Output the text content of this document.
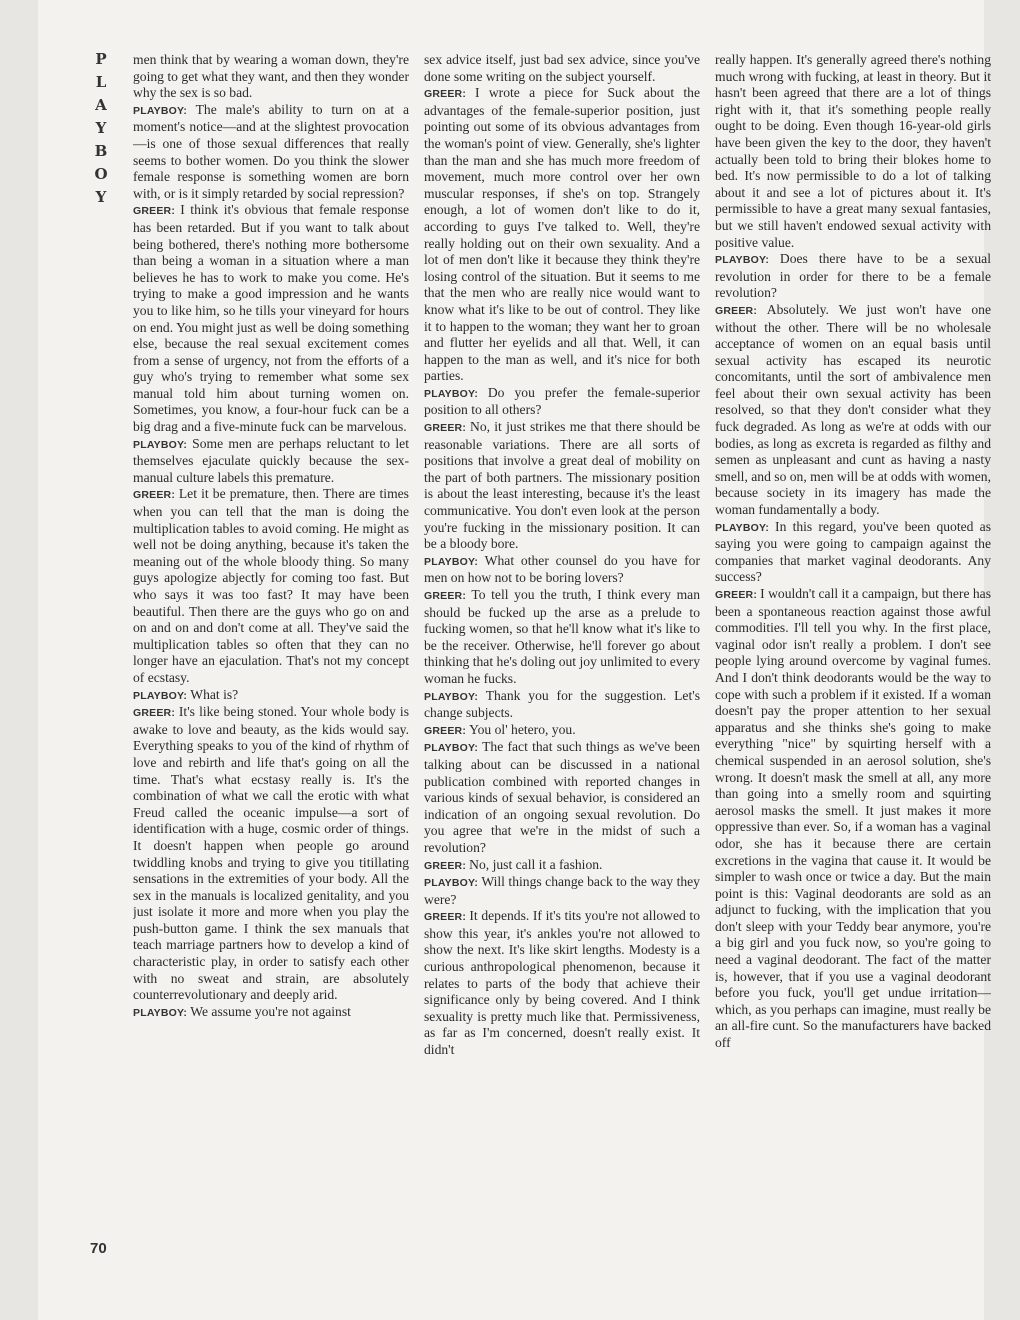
P
L
A
Y
B
O
Y

men think that by wearing a woman down, they're going to get what they want, and then they wonder why the sex is so bad.

PLAYBOY : The male's ability to turn on at a moment's notice—and at the slightest provocation—is one of those sexual differences that really seems to bother women. Do you think the slower female response is something women are born with, or is it simply retarded by social repression?

GREER : I think it's obvious that female response has been retarded. But if you want to talk about being bothered, there's nothing more bothersome than being a woman in a situation where a man believes he has to work to make you come. He's trying to make a good impression and he wants you to like him, so he tills your vineyard for hours on end. You might just as well be doing something else, because the real sexual excitement comes from a sense of urgency, not from the efforts of a guy who's trying to remember what some sex manual told him about turning women on. Sometimes, you know, a four-hour fuck can be a big drag and a five-minute fuck can be marvelous.

PLAYBOY : Some men are perhaps reluctant to let themselves ejaculate quickly because the sex-manual culture labels this premature.

GREER : Let it be premature, then. There are times when you can tell that the man is doing the multiplication tables to avoid coming. He might as well not be doing anything, because it's taken the meaning out of the whole bloody thing. So many guys apologize abjectly for coming too fast. But who says it was too fast? It may have been beautiful. Then there are the guys who go on and on and on and don't come at all. They've said the multiplication tables so often that they can no longer have an ejaculation. That's not my concept of ecstasy.

PLAYBOY : What is?

GREER : It's like being stoned. Your whole body is awake to love and beauty, as the kids would say. Everything speaks to you of the kind of rhythm of love and rebirth and life that's going on all the time. That's what ecstasy really is. It's the combination of what we call the erotic with what Freud called the oceanic impulse—a sort of identification with a huge, cosmic order of things. It doesn't happen when people go around twiddling knobs and trying to give you titillating sensations in the extremities of your body. All the sex in the manuals is localized genitality, and you just isolate it more and more when you play the push-button game. I think the sex manuals that teach marriage partners how to develop a kind of characteristic play, in order to satisfy each other with no sweat and strain, are absolutely counterrevolutionary and deeply arid.

PLAYBOY : We assume you're not against

sex advice itself, just bad sex advice, since you've done some writing on the subject yourself.

GREER : I wrote a piece for Suck about the advantages of the female-superior position, just pointing out some of its obvious advantages from the woman's point of view. Generally, she's lighter than the man and she has much more freedom of movement, much more control over her own muscular responses, if she's on top. Strangely enough, a lot of women don't like to do it, according to guys I've talked to. Well, they're really holding out on their own sexuality. And a lot of men don't like it because they think they're losing control of the situation. But it seems to me that the men who are really nice would want to know what it's like to be out of control. They like it to happen to the woman; they want her to groan and flutter her eyelids and all that. Well, it can happen to the man as well, and it's nice for both parties.

PLAYBOY : Do you prefer the female-superior position to all others?

GREER : No, it just strikes me that there should be reasonable variations. There are all sorts of positions that involve a great deal of mobility on the part of both partners. The missionary position is about the least interesting, because it's the least communicative. You don't even look at the person you're fucking in the missionary position. It can be a bloody bore.

PLAYBOY : What other counsel do you have for men on how not to be boring lovers?

GREER : To tell you the truth, I think every man should be fucked up the arse as a prelude to fucking women, so that he'll know what it's like to be the receiver. Otherwise, he'll forever go about thinking that he's doling out joy unlimited to every woman he fucks.

PLAYBOY : Thank you for the suggestion. Let's change subjects.

GREER : You ol' hetero, you.

PLAYBOY : The fact that such things as we've been talking about can be discussed in a national publication combined with reported changes in various kinds of sexual behavior, is considered an indication of an ongoing sexual revolution. Do you agree that we're in the midst of such a revolution?

GREER : No, just call it a fashion.

PLAYBOY : Will things change back to the way they were?

GREER : It depends. If it's tits you're not allowed to show this year, it's ankles you're not allowed to show the next. It's like skirt lengths. Modesty is a curious anthropological phenomenon, because it relates to parts of the body that achieve their significance only by being covered. And I think sexuality is pretty much like that. Permissiveness, as far as I'm concerned, doesn't really exist. It didn't

really happen. It's generally agreed there's nothing much wrong with fucking, at least in theory. But it hasn't been agreed that there are a lot of things right with it, that it's something people really ought to be doing. Even though 16-year-old girls have been given the key to the door, they haven't actually been told to bring their blokes home to bed. It's now permissible to do a lot of talking about it and see a lot of pictures about it. It's permissible to have a great many sexual fantasies, but we still haven't endowed sexual activity with positive value.

PLAYBOY : Does there have to be a sexual revolution in order for there to be a female revolution?

GREER : Absolutely. We just won't have one without the other. There will be no wholesale acceptance of women on an equal basis until sexual activity has escaped its neurotic concomitants, until the sort of ambivalence men feel about their own sexual activity has been resolved, so that they don't consider what they fuck degraded. As long as we're at odds with our bodies, as long as excreta is regarded as filthy and semen as unpleasant and cunt as having a nasty smell, and so on, men will be at odds with women, because society in its imagery has made the woman fundamentally a body.

PLAYBOY : In this regard, you've been quoted as saying you were going to campaign against the companies that market vaginal deodorants. Any success?

GREER : I wouldn't call it a campaign, but there has been a spontaneous reaction against those awful commodities. I'll tell you why. In the first place, vaginal odor isn't really a problem. I don't see people lying around overcome by vaginal fumes. And I don't think deodorants would be the way to cope with such a problem if it existed. If a woman doesn't pay the proper attention to her sexual apparatus and she thinks she's going to make everything "nice" by squirting herself with a chemical suspended in an aerosol solution, she's wrong. It doesn't mask the smell at all, any more than going into a smelly room and squirting aerosol masks the smell. It just makes it more oppressive than ever. So, if a woman has a vaginal odor, she has it because there are certain excretions in the vagina that cause it. It would be simpler to wash once or twice a day. But the main point is this: Vaginal deodorants are sold as an adjunct to fucking, with the implication that you don't sleep with your Teddy bear anymore, you're a big girl and you fuck now, so you're going to need a vaginal deodorant. The fact of the matter is, however, that if you use a vaginal deodorant before you fuck, you'll get undue irritation—which, as you perhaps can imagine, must really be an all-fire cunt. So the manufacturers have backed off

70
